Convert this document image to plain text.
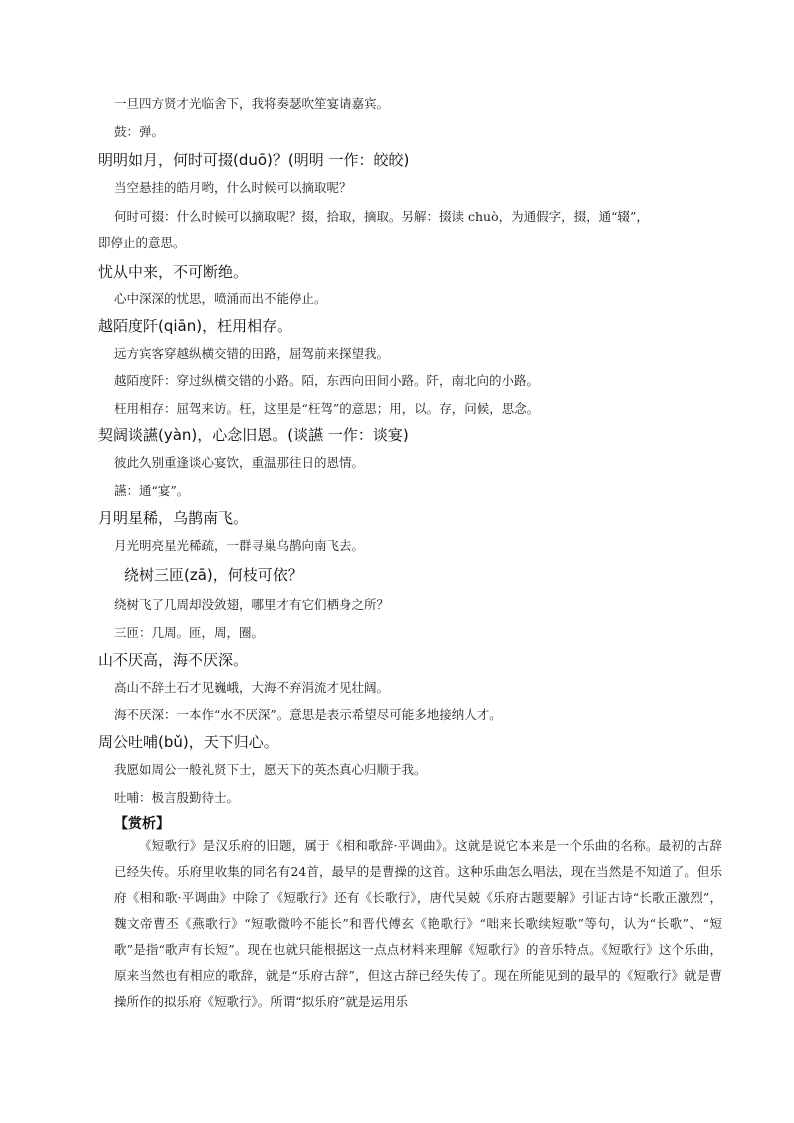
一旦四方贤才光临舍下，我将奏瑟吹笙宴请嘉宾。

鼓：弹。

明明如月，何时可掇(duō)？(明明 一作：皎皎)

当空悬挂的皓月哟，什么时候可以摘取呢？

何时可掇：什么时候可以摘取呢？掇，拾取，摘取。另解：掇读 chuò，为通假字，掇，通“辍”，

即停止的意思。

忧从中来，不可断绝。

心中深深的忧思，喷涌而出不能停止。

越陌度阡(qiān)，枉用相存。

远方宾客穿越纵横交错的田路，屈驾前来探望我。

越陌度阡：穿过纵横交错的小路。陌，东西向田间小路。阡，南北向的小路。

枉用相存：屈驾来访。枉，这里是“枉驾”的意思；用，以。存，问候，思念。

契阔谈讌(yàn)，心念旧恩。(谈讌 一作：谈宴)

彼此久别重逢谈心宴饮，重温那往日的恩情。

讌：通“宴”。

月明星稀，乌鹊南飞。

月光明亮星光稀疏，一群寻巢乌鹊向南飞去。

绕树三匝(zā)，何枝可依？

绕树飞了几周却没敛翅，哪里才有它们栖身之所？

三匝：几周。匝，周，圈。

山不厌高，海不厌深。

高山不辞土石才见巍峨，大海不弃涓流才见壮阔。

海不厌深：一本作“水不厌深”。意思是表示希望尽可能多地接纳人才。

周公吐哺(bǔ)，天下归心。

我愿如周公一般礼贤下士，愿天下的英杰真心归顺于我。

吐哺：极言殷勤待士。

【赏析】

《短歌行》是汉乐府的旧题，属于《相和歌辞·平调曲》。这就是说它本来是一个乐曲的名称。最初的古辞已经失传。乐府里收集的同名有24首，最早的是曹操的这首。这种乐曲怎么唱法，现在当然是不知道了。但乐府《相和歌·平调曲》中除了《短歌行》还有《长歌行》，唐代吴兢《乐府古题要解》引证古诗“长歌正激烈”，魏文帝曹丕《燕歌行》“短歌微吟不能长”和晋代傅玄《艳歌行》“咄来长歌续短歌”等句，认为“长歌”、“短歌”是指“歌声有长短”。现在也就只能根据这一点点材料来理解《短歌行》的音乐特点。《短歌行》这个乐曲，原来当然也有相应的歌辞，就是“乐府古辞”，但这古辞已经失传了。现在所能见到的最早的《短歌行》就是曹操所作的拟乐府《短歌行》。所谓“拟乐府”就是运用乐
